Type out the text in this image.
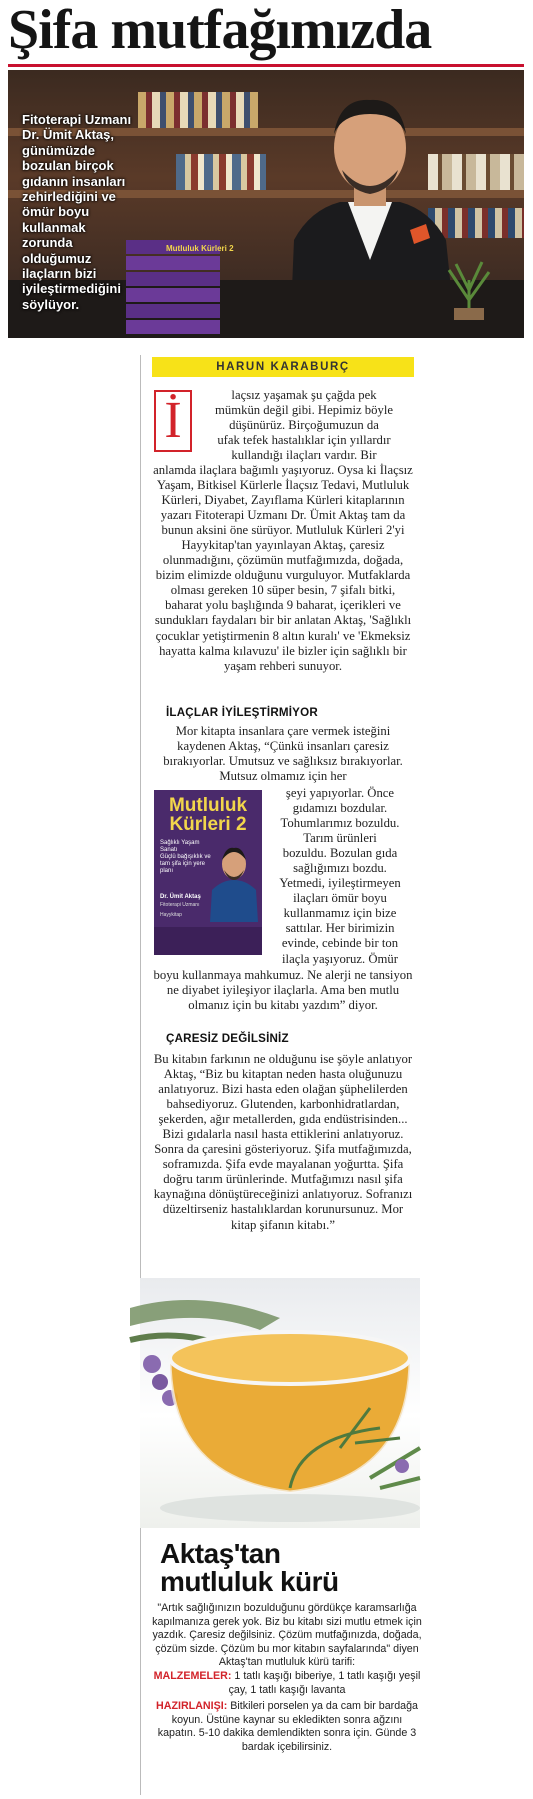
Şifa mutfağımızda
Mutluluk Kürleri 2
Fitoterapi Uzmanı Dr. Ümit Aktaş, günümüzde bozulan birçok gıdanın insanları zehirlediğini ve ömür boyu kullanmak zorunda olduğumuz ilaçların bizi iyileştirmediğini söylüyor.
HARUN KARABURÇ
İ	laçsız yaşamak şu çağda pek
mümkün değil gibi. Hepimiz böyle
düşünürüz. Birçoğumuzun da
ufak tefek hastalıklar için yıllardır
kullandığı ilaçları vardır. Bir
anlamda ilaçlara bağımlı yaşıyoruz. Oysa ki İlaçsız Yaşam, Bitkisel Kürlerle İlaçsız Tedavi, Mutluluk Kürleri, Diyabet, Zayıflama Kürleri kitaplarının yazarı Fitoterapi Uzmanı Dr. Ümit Aktaş tam da bunun aksini öne sürüyor. Mutluluk Kürleri 2'yi Hayykitap'tan yayınlayan Aktaş, çaresiz olunmadığını, çözümün mutfağımızda, doğada, bizim elimizde olduğunu vurguluyor. Mutfaklarda olması gereken 10 süper besin, 7 şifalı bitki, baharat yolu başlığında 9 baharat, içerikleri ve sundukları faydaları bir bir anlatan Aktaş, 'Sağlıklı çocuklar yetiştirmenin 8 altın kuralı' ve 'Ekmeksiz hayatta kalma kılavuzu' ile bizler için sağlıklı bir yaşam rehberi sunuyor.
İLAÇLAR İYİLEŞTİRMİYOR
Mor kitapta insanlara çare vermek isteğini kaydenen Aktaş, “Çünkü insanları çaresiz bırakıyorlar. Umutsuz ve sağlıksız bırakıyorlar. Mutsuz olmamız için her
Mutluluk
Kürleri 2
Sağlıklı Yaşam Sanatı
Güçlü bağışıklık ve tam şifa için yere planı
Dr. Ümit Aktaş
Fitoterapi Uzmanı
Hayykitap
şeyi yapıyorlar. Önce
gıdamızı bozdular.
Tohumlarımız bozuldu.
Tarım ürünleri
bozuldu. Bozulan gıda
sağlığımızı bozdu.
Yetmedi, iyileştirmeyen
ilaçları ömür boyu
kullanmamız için bize
sattılar. Her birimizin
evinde, cebinde bir ton
ilaçla yaşıyoruz. Ömür
boyu kullanmaya mahkumuz. Ne alerji ne tansiyon ne diyabet iyileşiyor ilaçlarla. Ama ben mutlu olmanız için bu kitabı yazdım” diyor.
ÇARESİZ DEĞİLSİNİZ
Bu kitabın farkının ne olduğunu ise şöyle anlatıyor Aktaş, “Biz bu kitaptan neden hasta oluğunuzu anlatıyoruz. Bizi hasta eden olağan şüphelilerden bahsediyoruz. Glutenden, karbonhidratlardan, şekerden, ağır metallerden, gıda endüstrisinden... Bizi gıdalarla nasıl hasta ettiklerini anlatıyoruz. Sonra da çaresini gösteriyoruz. Şifa mutfağımızda, soframızda. Şifa evde mayalanan yoğurtta. Şifa doğru tarım ürünlerinde. Mutfağımızı nasıl şifa kaynağına dönüştüreceğinizi anlatıyoruz. Sofranızı düzeltirseniz hastalıklardan korunursunuz. Mor kitap şifanın kitabı.”
Aktaş'tan
mutluluk kürü
"Artık sağlığınızın bozulduğunu gördükçe karamsarlığa kapılmanıza gerek yok. Biz bu kitabı sizi mutlu etmek için yazdık. Çaresiz değilsiniz. Çözüm mutfağınızda, doğada, çözüm sizde. Çözüm bu mor kitabın sayfalarında" diyen Aktaş'tan mutluluk kürü tarifi:
MALZEMELER: 1 tatlı kaşığı biberiye, 1 tatlı kaşığı yeşil çay, 1 tatlı kaşığı lavanta
HAZIRLANIŞI: Bitkileri porselen ya da cam bir bardağa koyun. Üstüne kaynar su ekledikten sonra ağzını kapatın. 5-10 dakika demlendikten sonra için. Günde 3 bardak içebilirsiniz.
